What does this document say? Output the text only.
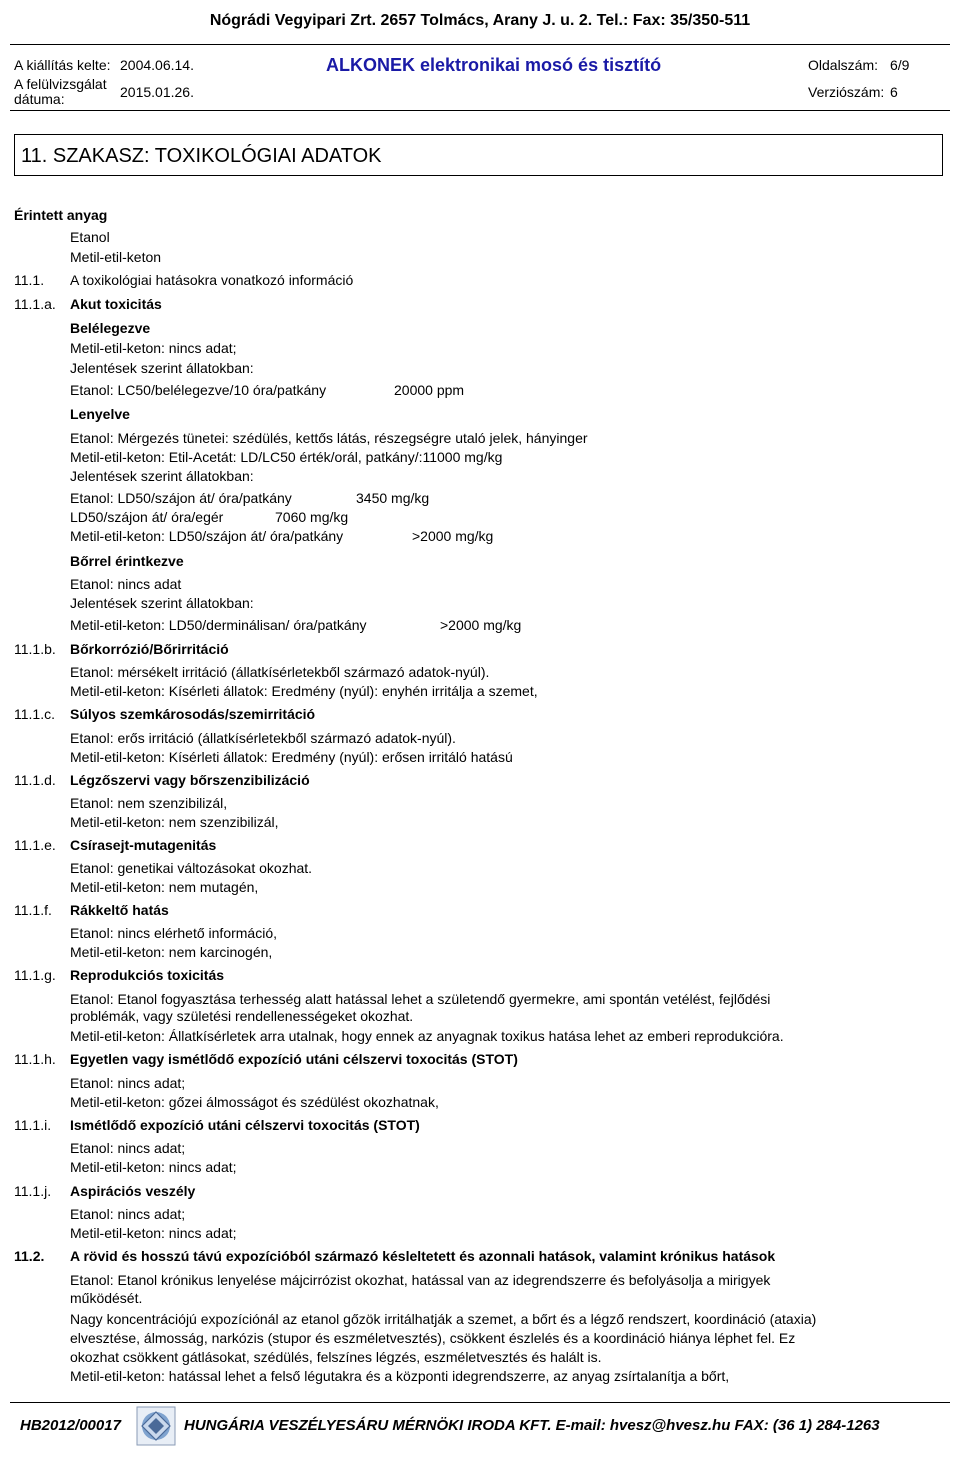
Nógrádi Vegyipari Zrt. 2657 Tolmács, Arany J. u. 2. Tel.: Fax: 35/350-511
A kiállítás kelte: 2004.06.14.
A felülvizsgálat
dátuma:	2015.01.26.
ALKONEK elektronikai mosó és tisztító	Oldalszám: 6/9
Verziószám: 6
11. SZAKASZ: TOXIKOLÓGIAI ADATOK
Érintett anyag
Etanol
Metil-etil-keton
11.1. A toxikológiai hatásokra vonatkozó információ
11.1.a. Akut toxicitás
Belélegezve
Metil-etil-keton: nincs adat;
Jelentések szerint állatokban:
Etanol: LC50/belélegezve/10 óra/patkány	20000 ppm
Lenyelve
Etanol: Mérgezés tünetei: szédülés, kettős látás, részegségre utaló jelek, hányinger
Metil-etil-keton: Etil-Acetát: LD/LC50 érték/orál, patkány/:11000 mg/kg
Jelentések szerint állatokban:
Etanol: LD50/szájon át/ óra/patkány	3450 mg/kg
LD50/szájon át/ óra/egér	7060 mg/kg
Metil-etil-keton: LD50/szájon át/ óra/patkány	>2000 mg/kg
Bőrrel érintkezve
Etanol: nincs adat
Jelentések szerint állatokban:
Metil-etil-keton: LD50/derminálisan/ óra/patkány	>2000 mg/kg
11.1.b. Bőrkorrózió/Bőrirritáció
Etanol: mérsékelt irritáció (állatkísérletekből származó adatok-nyúl).
Metil-etil-keton: Kísérleti állatok: Eredmény (nyúl): enyhén irritálja a szemet,
11.1.c. Súlyos szemkárosodás/szemirritáció
Etanol: erős irritáció (állatkísérletekből származó adatok-nyúl).
Metil-etil-keton: Kísérleti állatok: Eredmény (nyúl): erősen irritáló hatású
11.1.d. Légzőszervi vagy bőrszenzibilizáció
Etanol: nem szenzibilizál,
Metil-etil-keton: nem szenzibilizál,
11.1.e. Csírasejt-mutagenitás
Etanol: genetikai változásokat okozhat.
Metil-etil-keton: nem mutagén,
11.1.f. Rákkeltő hatás
Etanol: nincs elérhető információ,
Metil-etil-keton: nem karcinogén,
11.1.g. Reprodukciós toxicitás
Etanol: Etanol fogyasztása terhesség alatt hatással lehet a születendő gyermekre, ami spontán vetélést, fejlődési
problémák, vagy születési rendellenességeket okozhat.
Metil-etil-keton: Állatkísérletek arra utalnak, hogy ennek az anyagnak toxikus hatása lehet az emberi reprodukcióra.
11.1.h. Egyetlen vagy ismétlődő expozíció utáni célszervi toxocitás (STOT)
Etanol: nincs adat;
Metil-etil-keton: gőzei álmosságot és szédülést okozhatnak,
11.1.i. Ismétlődő expozíció utáni célszervi toxocitás (STOT)
Etanol: nincs adat;
Metil-etil-keton: nincs adat;
11.1.j. Aspirációs veszély
Etanol: nincs adat;
Metil-etil-keton: nincs adat;
11.2. A rövid és hosszú távú expozícióból származó késleltetett és azonnali hatások, valamint krónikus hatások
Etanol: Etanol krónikus lenyelése májcirrózist okozhat, hatással van az idegrendszerre és befolyásolja a mirigyek
működését.
Nagy koncentrációjú expozíciónál az etanol gőzök irritálhatják a szemet, a bőrt és a légző rendszert, koordináció (ataxia)
elvesztése, álmosság, narkózis (stupor és eszméletvesztés), csökkent észlelés és a koordináció hiánya léphet fel. Ez
okozhat csökkent gátlásokat, szédülés, felszínes légzés, eszméletvesztés és halált is.
Metil-etil-keton: hatással lehet a felső légutakra és a központi idegrendszerre, az anyag zsírtalanítja a bőrt,
HB2012/00017	HUNGÁRIA VESZÉLYESÁRU MÉRNÖKI IRODA KFT. E-mail: hvesz@hvesz.hu FAX: (36 1) 284-1263
